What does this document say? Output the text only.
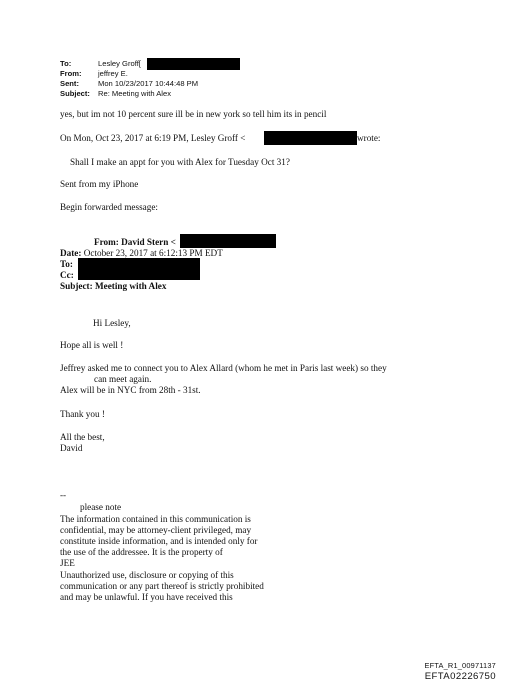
To:	Lesley Groff[
From: jeffrey E.
Sent:	Mon 10/23/2017 10:44:48 PM
Subject: Re: Meeting with Alex
yes, but im not 10 percent sure ill be in new york so tell him its in pencil
On Mon, Oct 23, 2017 at 6:19 PM, Lesley Groff <	wrote:
Shall I make an appt for you with Alex for Tuesday Oct 31?
Sent from my iPhone
Begin forwarded message:
From: David Stern <
Date: October 23, 2017 at 6:12:13 PM EDT
To:
Cc:
Subject: Meeting with Alex
Hi Lesley,
Hope all is well !
Jeffrey asked me to connect you to Alex Allard (whom he met in Paris last week) so they
can meet again.
Alex will be in NYC from 28th - 31st.
Thank you !
All the best,
David
--
please note
The information contained in this communication is
confidential, may be attorney-client privileged, may
constitute inside information, and is intended only for
the use of the addressee. It is the property of
JEE
Unauthorized use, disclosure or copying of this
communication or any part thereof is strictly prohibited
and may be unlawful. If you have received this
EFTA_R1_00971137
EFTA02226750
